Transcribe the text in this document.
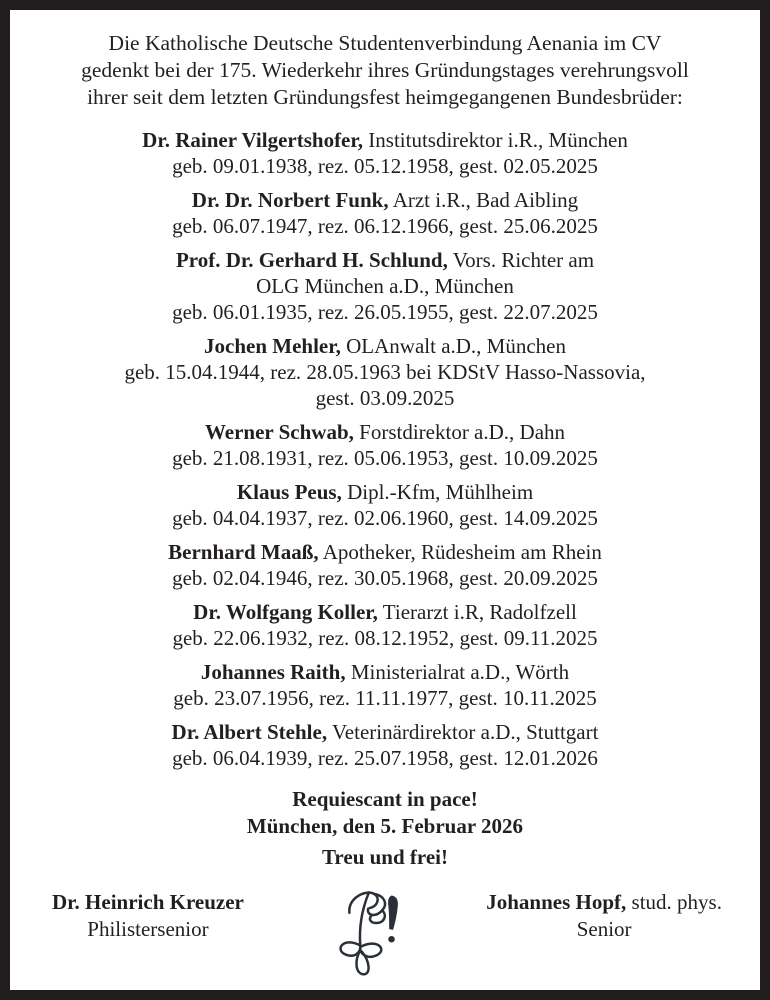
Die Katholische Deutsche Studentenverbindung Aenania im CV
gedenkt bei der 175. Wiederkehr ihres Gründungstages verehrungsvoll
ihrer seit dem letzten Gründungsfest heimgegangenen Bundesbrüder:

Dr. Rainer Vilgertshofer, Institutsdirektor i.R., München
geb. 09.01.1938, rez. 05.12.1958, gest. 02.05.2025

Dr. Dr. Norbert Funk, Arzt i.R., Bad Aibling
geb. 06.07.1947, rez. 06.12.1966, gest. 25.06.2025

Prof. Dr. Gerhard H. Schlund, Vors. Richter am
OLG München a.D., München
geb. 06.01.1935, rez. 26.05.1955, gest. 22.07.2025

Jochen Mehler, OLAnwalt a.D., München
geb. 15.04.1944, rez. 28.05.1963 bei KDStV Hasso-Nassovia,
gest. 03.09.2025

Werner Schwab, Forstdirektor a.D., Dahn
geb. 21.08.1931, rez. 05.06.1953, gest. 10.09.2025

Klaus Peus, Dipl.-Kfm, Mühlheim
geb. 04.04.1937, rez. 02.06.1960, gest. 14.09.2025

Bernhard Maaß, Apotheker, Rüdesheim am Rhein
geb. 02.04.1946, rez. 30.05.1968, gest. 20.09.2025

Dr. Wolfgang Koller, Tierarzt i.R, Radolfzell
geb. 22.06.1932, rez. 08.12.1952, gest. 09.11.2025

Johannes Raith, Ministerialrat a.D., Wörth
geb. 23.07.1956, rez. 11.11.1977, gest. 10.11.2025

Dr. Albert Stehle, Veterinärdirektor a.D., Stuttgart
geb. 06.04.1939, rez. 25.07.1958, gest. 12.01.2026

Requiescant in pace!
München, den 5. Februar 2026
Treu und frei!
Dr. Heinrich Kreuzer
Philistersenior
Johannes Hopf, stud. phys.
Senior
